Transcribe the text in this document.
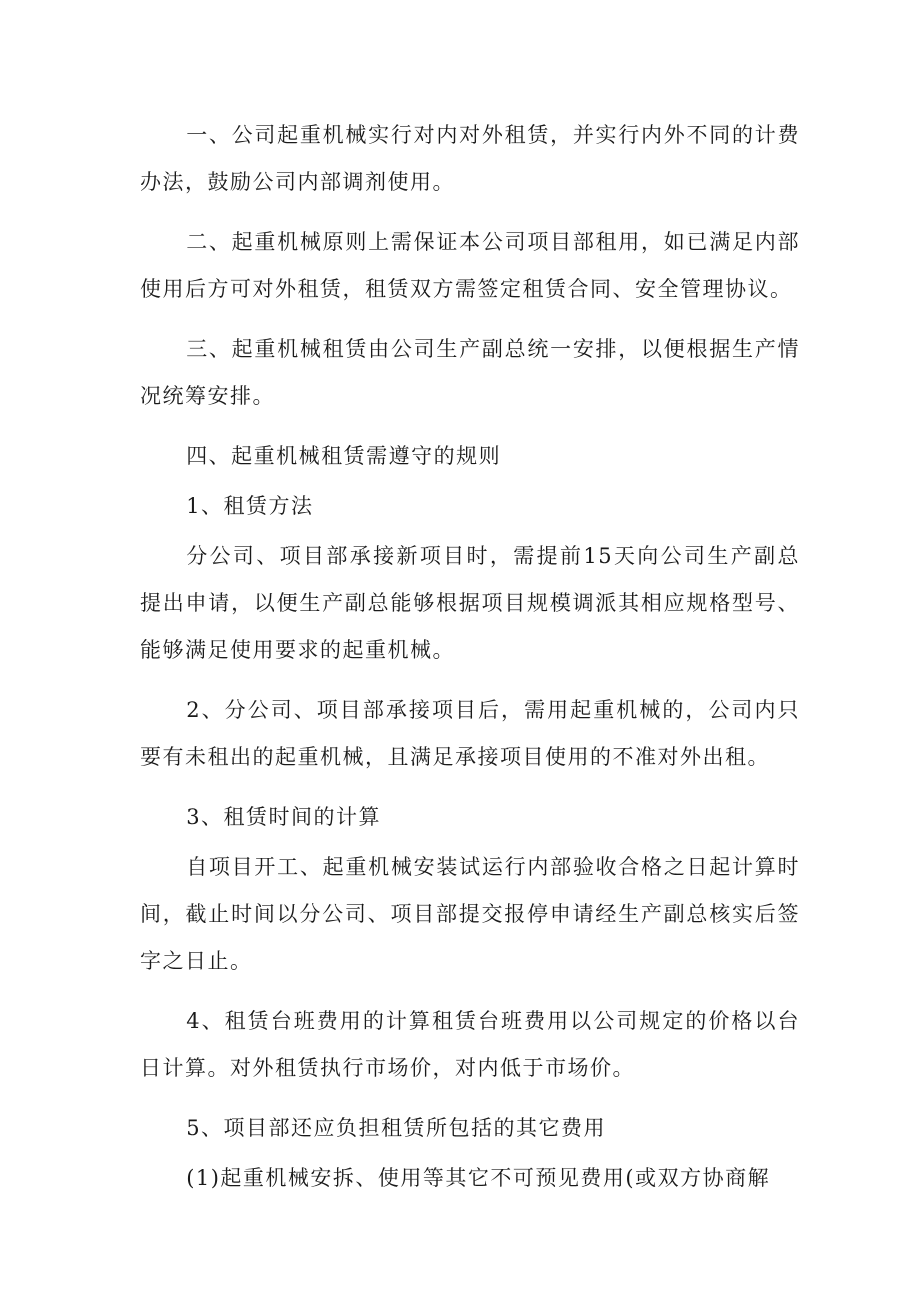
一、公司起重机械实行对内对外租赁，并实行内外不同的计费办法，鼓励公司内部调剂使用。

二、起重机械原则上需保证本公司项目部租用，如已满足内部使用后方可对外租赁，租赁双方需签定租赁合同、安全管理协议。

三、起重机械租赁由公司生产副总统一安排，以便根据生产情况统筹安排。

四、起重机械租赁需遵守的规则

1、租赁方法

分公司、项目部承接新项目时，需提前15天向公司生产副总提出申请，以便生产副总能够根据项目规模调派其相应规格型号、能够满足使用要求的起重机械。

2、分公司、项目部承接项目后，需用起重机械的，公司内只要有未租出的起重机械，且满足承接项目使用的不准对外出租。

3、租赁时间的计算

自项目开工、起重机械安装试运行内部验收合格之日起计算时间，截止时间以分公司、项目部提交报停申请经生产副总核实后签字之日止。

4、租赁台班费用的计算租赁台班费用以公司规定的价格以台日计算。对外租赁执行市场价，对内低于市场价。

5、项目部还应负担租赁所包括的其它费用

(1)起重机械安拆、使用等其它不可预见费用(或双方协商解
